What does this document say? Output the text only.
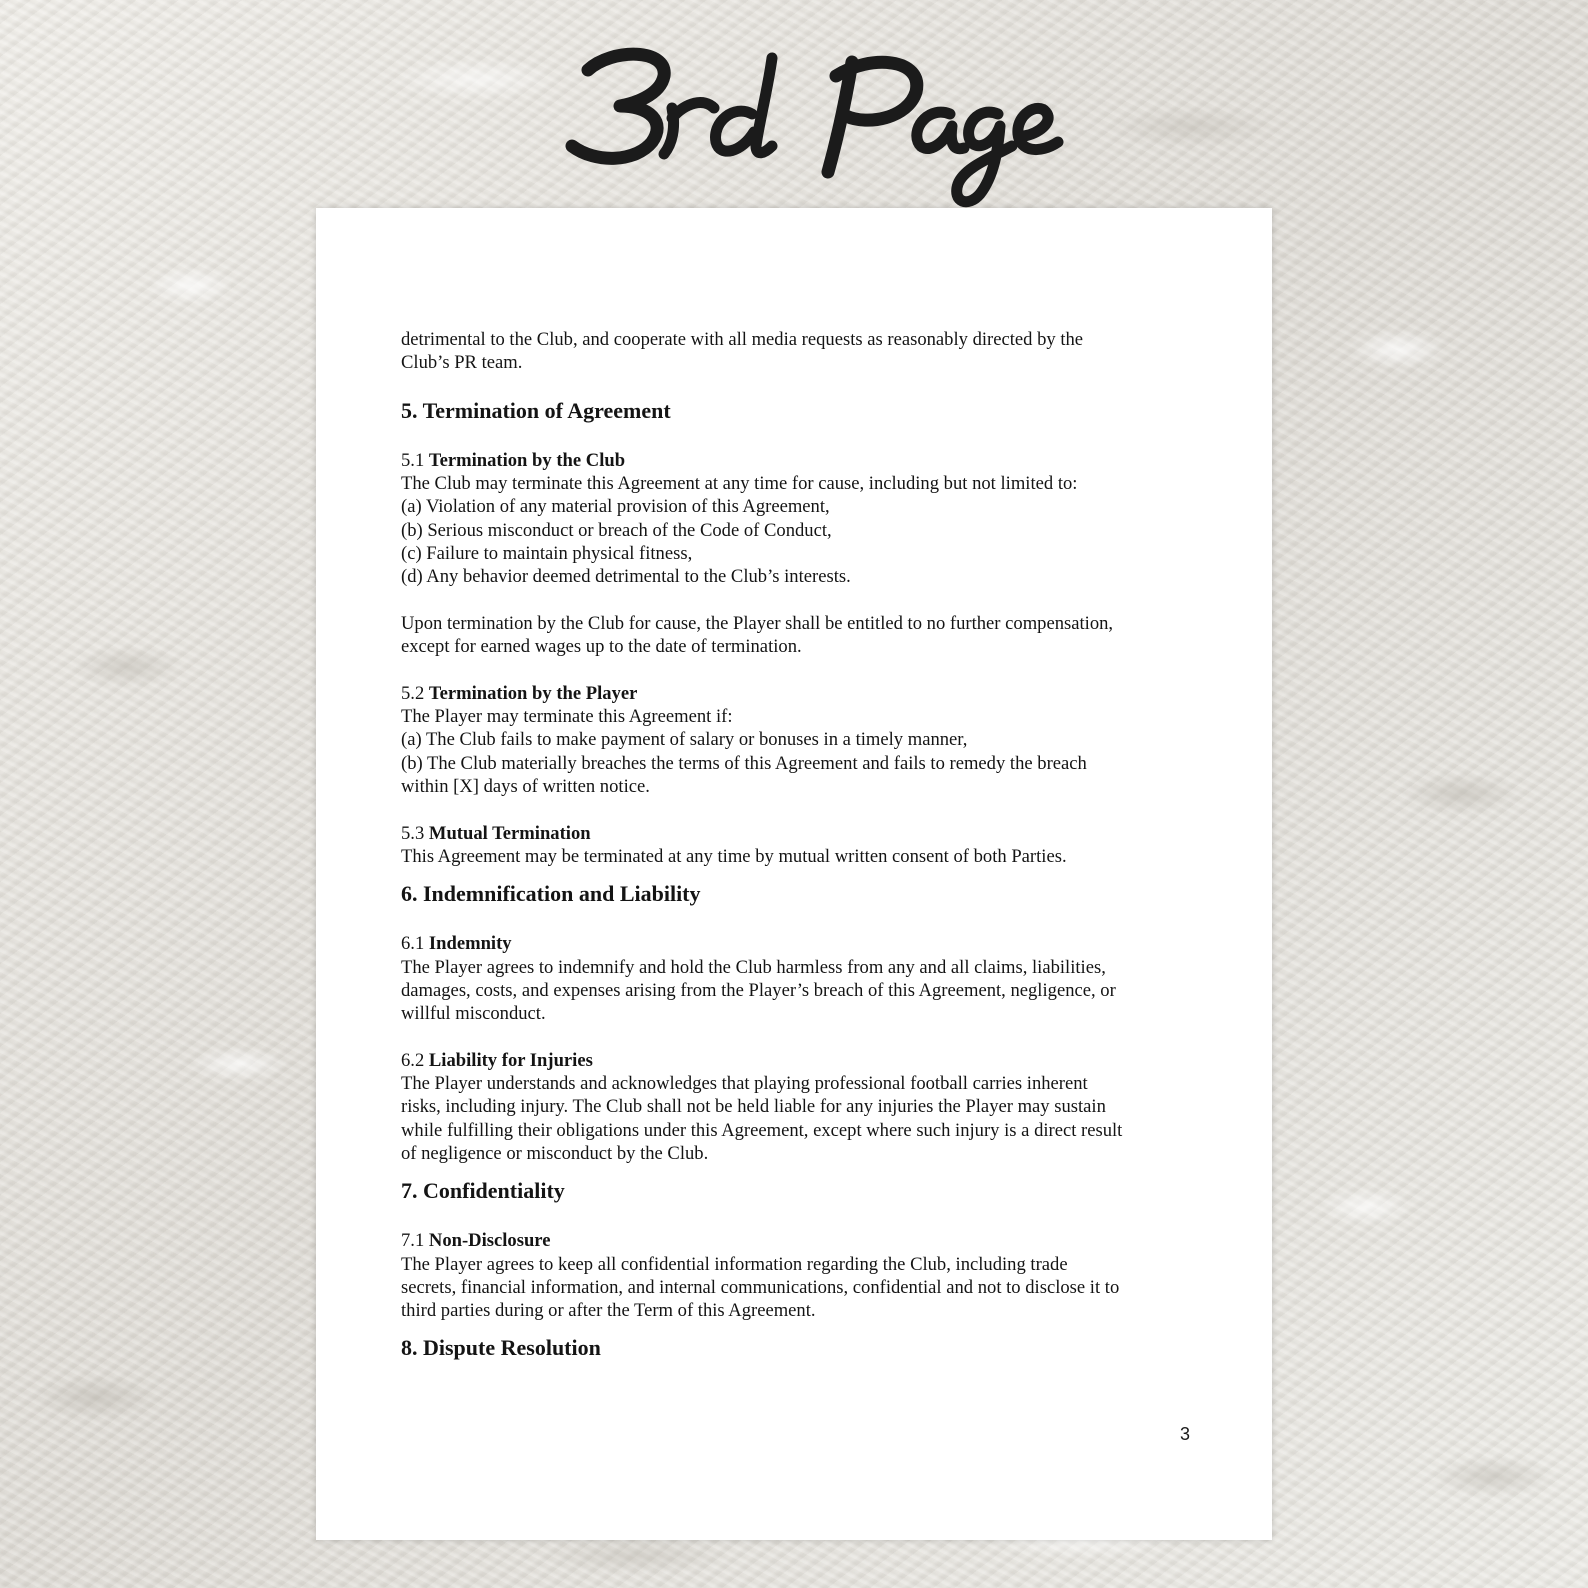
detrimental to the Club, and cooperate with all media requests as reasonably directed by the

Club’s PR team.

5. Termination of Agreement

5.1 Termination by the Club

The Club may terminate this Agreement at any time for cause, including but not limited to:

(a) Violation of any material provision of this Agreement,

(b) Serious misconduct or breach of the Code of Conduct,

(c) Failure to maintain physical fitness,

(d) Any behavior deemed detrimental to the Club’s interests.

Upon termination by the Club for cause, the Player shall be entitled to no further compensation,

except for earned wages up to the date of termination.

5.2 Termination by the Player

The Player may terminate this Agreement if:

(a) The Club fails to make payment of salary or bonuses in a timely manner,

(b) The Club materially breaches the terms of this Agreement and fails to remedy the breach

within [X] days of written notice.

5.3 Mutual Termination

This Agreement may be terminated at any time by mutual written consent of both Parties.

6. Indemnification and Liability

6.1 Indemnity

The Player agrees to indemnify and hold the Club harmless from any and all claims, liabilities,

damages, costs, and expenses arising from the Player’s breach of this Agreement, negligence, or

willful misconduct.

6.2 Liability for Injuries

The Player understands and acknowledges that playing professional football carries inherent

risks, including injury. The Club shall not be held liable for any injuries the Player may sustain

while fulfilling their obligations under this Agreement, except where such injury is a direct result

of negligence or misconduct by the Club.

7. Confidentiality

7.1 Non-Disclosure

The Player agrees to keep all confidential information regarding the Club, including trade

secrets, financial information, and internal communications, confidential and not to disclose it to

third parties during or after the Term of this Agreement.

8. Dispute Resolution

3
